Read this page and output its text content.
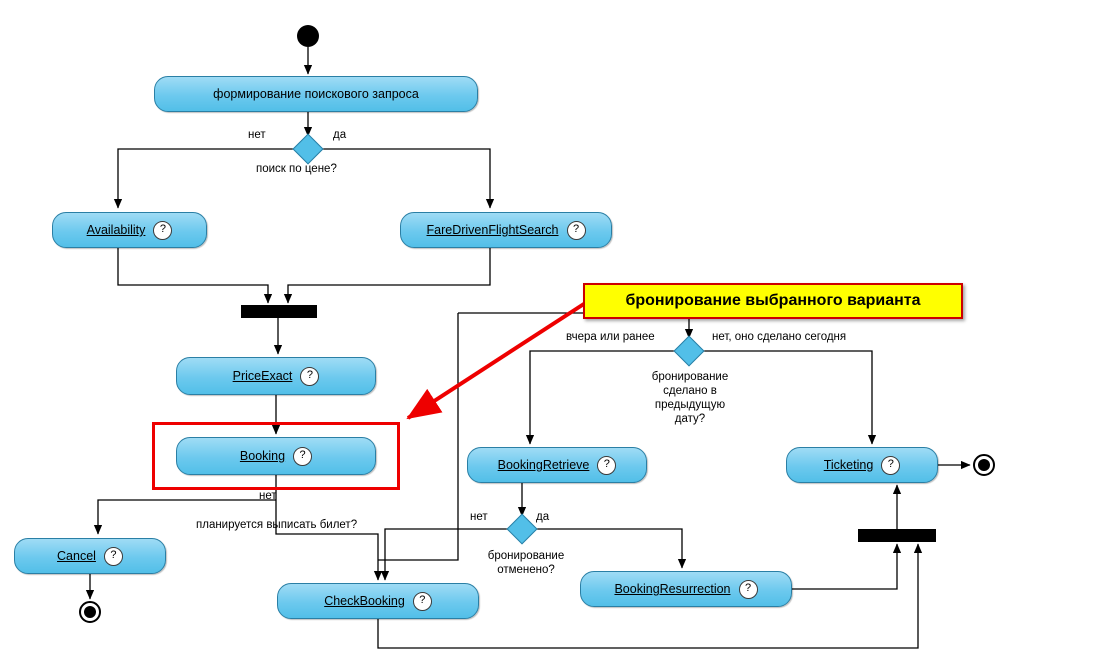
формирование поискового запроса
Availability	?	FareDrivenFlightSearch	?
PriceExact	?
Booking	?
BookingRetrieve	?	Ticketing	?
Cancel	?
CheckBooking	?
BookingResurrection	?
нет	да
поиск по цене?
вчера или ранее	нет, оно сделано сегодня
бронирование
сделано в
предыдущую
дату?
нет
планируется выписать билет?
нет	да
бронирование
отменено?
бронирование выбранного варианта
